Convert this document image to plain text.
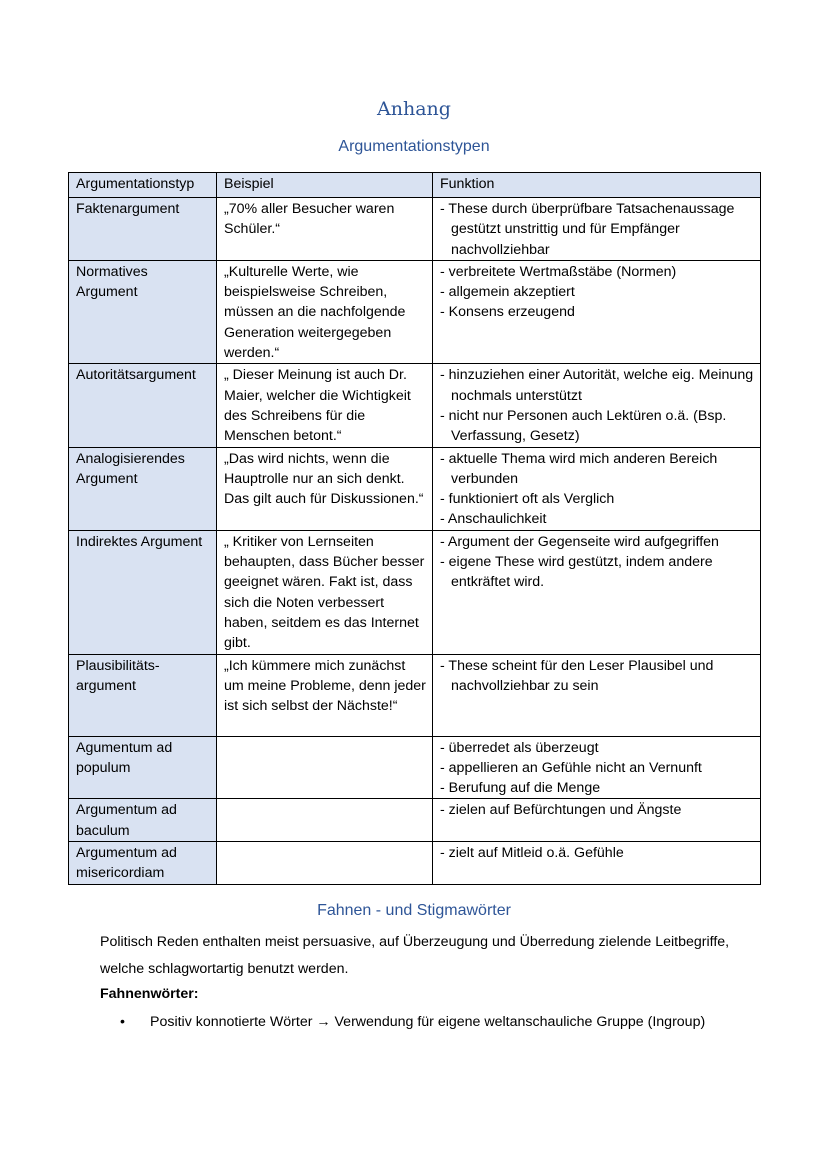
Anhang
Argumentationstypen
Argumentationstyp	Beispiel	Funktion
Faktenargument	„70% aller Besucher waren Schüler.“	- These durch überprüfbare Tatsachenaussage gestützt unstrittig und für Empfänger nachvollziehbar

Normatives Argument	„Kulturelle Werte, wie beispielsweise Schreiben, müssen an die nachfolgende Generation weitergegeben werden.“	- verbreitete Wertmaßstäbe (Normen)
- allgemein akzeptiert
- Konsens erzeugend

Autoritätsargument	„ Dieser Meinung ist auch Dr. Maier, welcher die Wichtigkeit des Schreibens für die Menschen betont.“	- hinzuziehen einer Autorität, welche eig. Meinung nochmals unterstützt
- nicht nur Personen auch Lektüren o.ä. (Bsp. Verfassung, Gesetz)

Analogisierendes Argument	„Das wird nichts, wenn die Hauptrolle nur an sich denkt. Das gilt auch für Diskussionen.“	- aktuelle Thema wird mich anderen Bereich verbunden
- funktioniert oft als Verglich
- Anschaulichkeit

Indirektes Argument	„ Kritiker von Lernseiten behaupten, dass Bücher besser geeignet wären. Fakt ist, dass sich die Noten verbessert haben, seitdem es das Internet gibt.	- Argument der Gegenseite wird aufgegriffen
- eigene These wird gestützt, indem andere entkräftet wird.

Plausibilitäts-argument	„Ich kümmere mich zunächst um meine Probleme, denn jeder ist sich selbst der Nächste!“	- These scheint für den Leser Plausibel und nachvollziehbar zu sein

Agumentum ad populum		- überredet als überzeugt
- appellieren an Gefühle nicht an Vernunft
- Berufung auf die Menge

Argumentum ad baculum		- zielen auf Befürchtungen und Ängste

Argumentum ad misericordiam		- zielt auf Mitleid o.ä. Gefühle
Fahnen - und Stigmawörter
Politisch Reden enthalten meist persuasive, auf Überzeugung und Überredung zielende Leitbegriffe, welche schlagwortartig benutzt werden.
Fahnenwörter:
• Positiv konnotierte Wörter → Verwendung für eigene weltanschauliche Gruppe (Ingroup)
